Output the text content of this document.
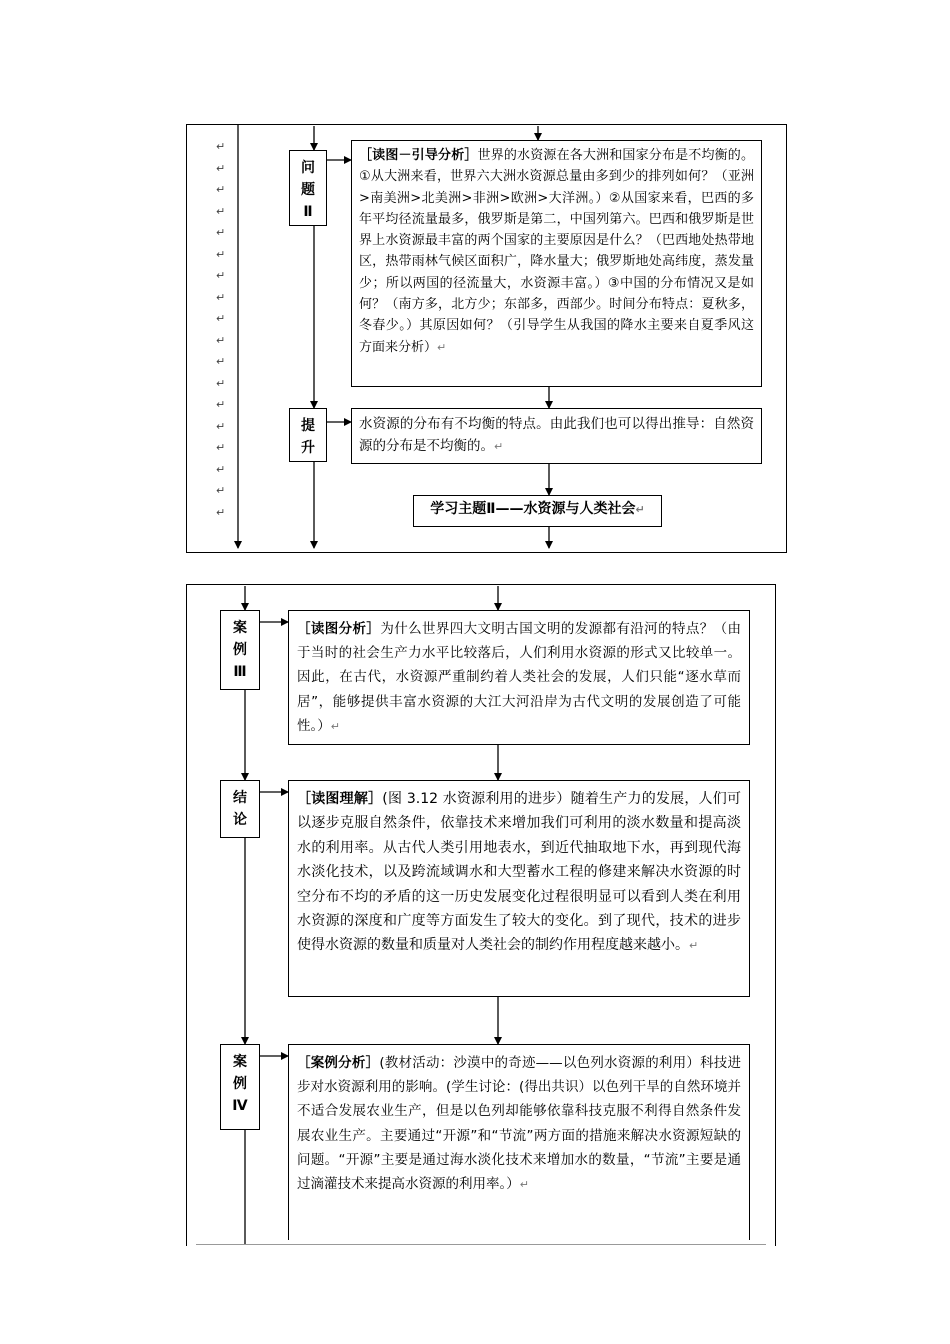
↵
↵
↵
↵
↵
↵
↵
↵
↵
↵
↵
↵
↵
↵
↵
↵
↵
↵
问
题
Ⅱ
［读图－引导分析］世界的水资源在各大洲和国家分布是不均衡的。①从大洲来看，世界六大洲水资源总量由多到少的排列如何？（亚洲>南美洲>北美洲>非洲>欧洲>大洋洲。）②从国家来看，巴西的多年平均径流量最多，俄罗斯是第二，中国列第六。巴西和俄罗斯是世界上水资源最丰富的两个国家的主要原因是什么？（巴西地处热带地区，热带雨林气候区面积广，降水量大；俄罗斯地处高纬度，蒸发量少；所以两国的径流量大，水资源丰富。）③中国的分布情况又是如何？（南方多，北方少；东部多，西部少。时间分布特点：夏秋多，冬春少。）其原因如何？（引导学生从我国的降水主要来自夏季风这方面来分析）↵
提
升
水资源的分布有不均衡的特点。由此我们也可以得出推导：自然资源的分布是不均衡的。↵
学习主题Ⅱ——水资源与人类社会↵
案
例
Ⅲ
［读图分析］为什么世界四大文明古国文明的发源都有沿河的特点？（由于当时的社会生产力水平比较落后，人们利用水资源的形式又比较单一。因此，在古代，水资源严重制约着人类社会的发展，人们只能“逐水草而居”，能够提供丰富水资源的大江大河沿岸为古代文明的发展创造了可能性。）↵
结
论
［读图理解］(图 3.12 水资源利用的进步）随着生产力的发展，人们可以逐步克服自然条件，依靠技术来增加我们可利用的淡水数量和提高淡水的利用率。从古代人类引用地表水，到近代抽取地下水，再到现代海水淡化技术，以及跨流域调水和大型蓄水工程的修建来解决水资源的时空分布不均的矛盾的这一历史发展变化过程很明显可以看到人类在利用水资源的深度和广度等方面发生了较大的变化。到了现代，技术的进步使得水资源的数量和质量对人类社会的制约作用程度越来越小。↵
案
例
Ⅳ
［案例分析］(教材活动：沙漠中的奇迹——以色列水资源的利用）科技进步对水资源利用的影响。(学生讨论：(得出共识）以色列干旱的自然环境并不适合发展农业生产，但是以色列却能够依靠科技克服不利得自然条件发展农业生产。主要通过“开源”和“节流”两方面的措施来解决水资源短缺的问题。“开源”主要是通过海水淡化技术来增加水的数量，“节流”主要是通过滴灌技术来提高水资源的利用率。）↵
